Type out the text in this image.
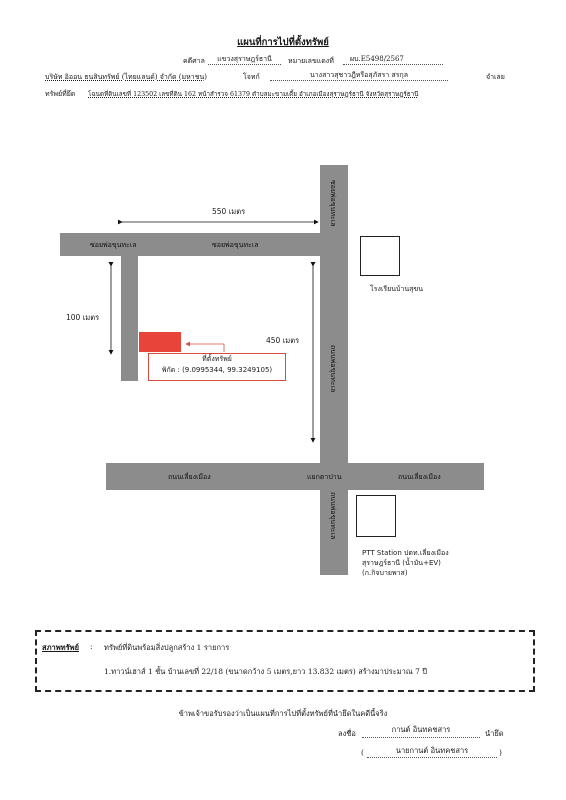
แผนที่การไปที่ตั้งทรัพย์
คดีศาล	แขวงสุราษฎร์ธานี	หมายเลขแดงที่ ผบ.E5498/2567
บริษัท อิออน ธนสินทรัพย์ (ไทยแลนด์) จำกัด (มหาชน)	โจทก์	นางสาวสุชาวฎีหรือสุภัสรา สรกุล	จำเลย
ทรัพย์ที่ยึด โฉนดที่ดินเลขที่ 123502 เลขที่ดิน 162 หน้าสำรวจ 61379 ตำบลมะขามเตี้ย อำเภอเมืองสุราษฎร์ธานี จังหวัดสุราษฎร์ธานี
ซอยพ่อขุนทะเล	ซอยพ่อขุนทะเล
ซอยพ่อขุนทะเล
ถนนพ่อขุนทะเล
ถนนพ่อขุนทะเล
ถนนเลี่ยงเมือง	ถนนเลี่ยงเมือง
แยกตาปาน
โรงเรียนบ้านสุขน
PTT Station ปตท.เลี่ยงเมือง
สุราษฎร์ธานี (น้ำมัน+EV)
(ก.กิจบายพาส)
550 เมตร
100 เมตร
450 เมตร
ที่ตั้งทรัพย์
พิกัด : (9.0995344, 99.3249105)
สภาพทรัพย์ : ทรัพย์ที่ดินพร้อมสิ่งปลูกสร้าง 1 รายการ
1.ทาวน์เฮาส์ 1 ชั้น บ้านเลขที่ 22/18 (ขนาดกว้าง 5 เมตร,ยาว 13.832 เมตร) สร้างมาประมาณ 7 ปี
ข้าพเจ้าขอรับรองว่าเป็นแผนที่การไปที่ตั้งทรัพย์ที่นำยึดในคดีนี้จริง
ลงชื่อ	กานต์ อินทคชสาร	นำยึด
(	นายกานต์ อินทคชสาร	)
